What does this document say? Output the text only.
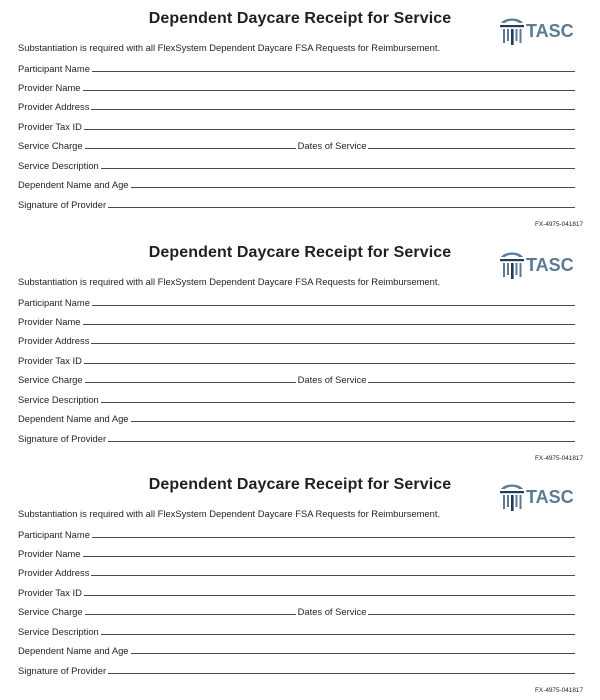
Dependent Daycare Receipt for Service
TASC
Substantiation is required with all FlexSystem Dependent Daycare FSA Requests for Reimbursement.
Participant Name
Provider Name
Provider Address
Provider Tax ID
Service Charge	Dates of Service
Service Description
Dependent Name and Age
Signature of Provider
FX-4975-041817
Dependent Daycare Receipt for Service
TASC
Substantiation is required with all FlexSystem Dependent Daycare FSA Requests for Reimbursement.
Participant Name
Provider Name
Provider Address
Provider Tax ID
Service Charge	Dates of Service
Service Description
Dependent Name and Age
Signature of Provider
FX-4975-041817
Dependent Daycare Receipt for Service
TASC
Substantiation is required with all FlexSystem Dependent Daycare FSA Requests for Reimbursement.
Participant Name
Provider Name
Provider Address
Provider Tax ID
Service Charge	Dates of Service
Service Description
Dependent Name and Age
Signature of Provider
FX-4975-041817
